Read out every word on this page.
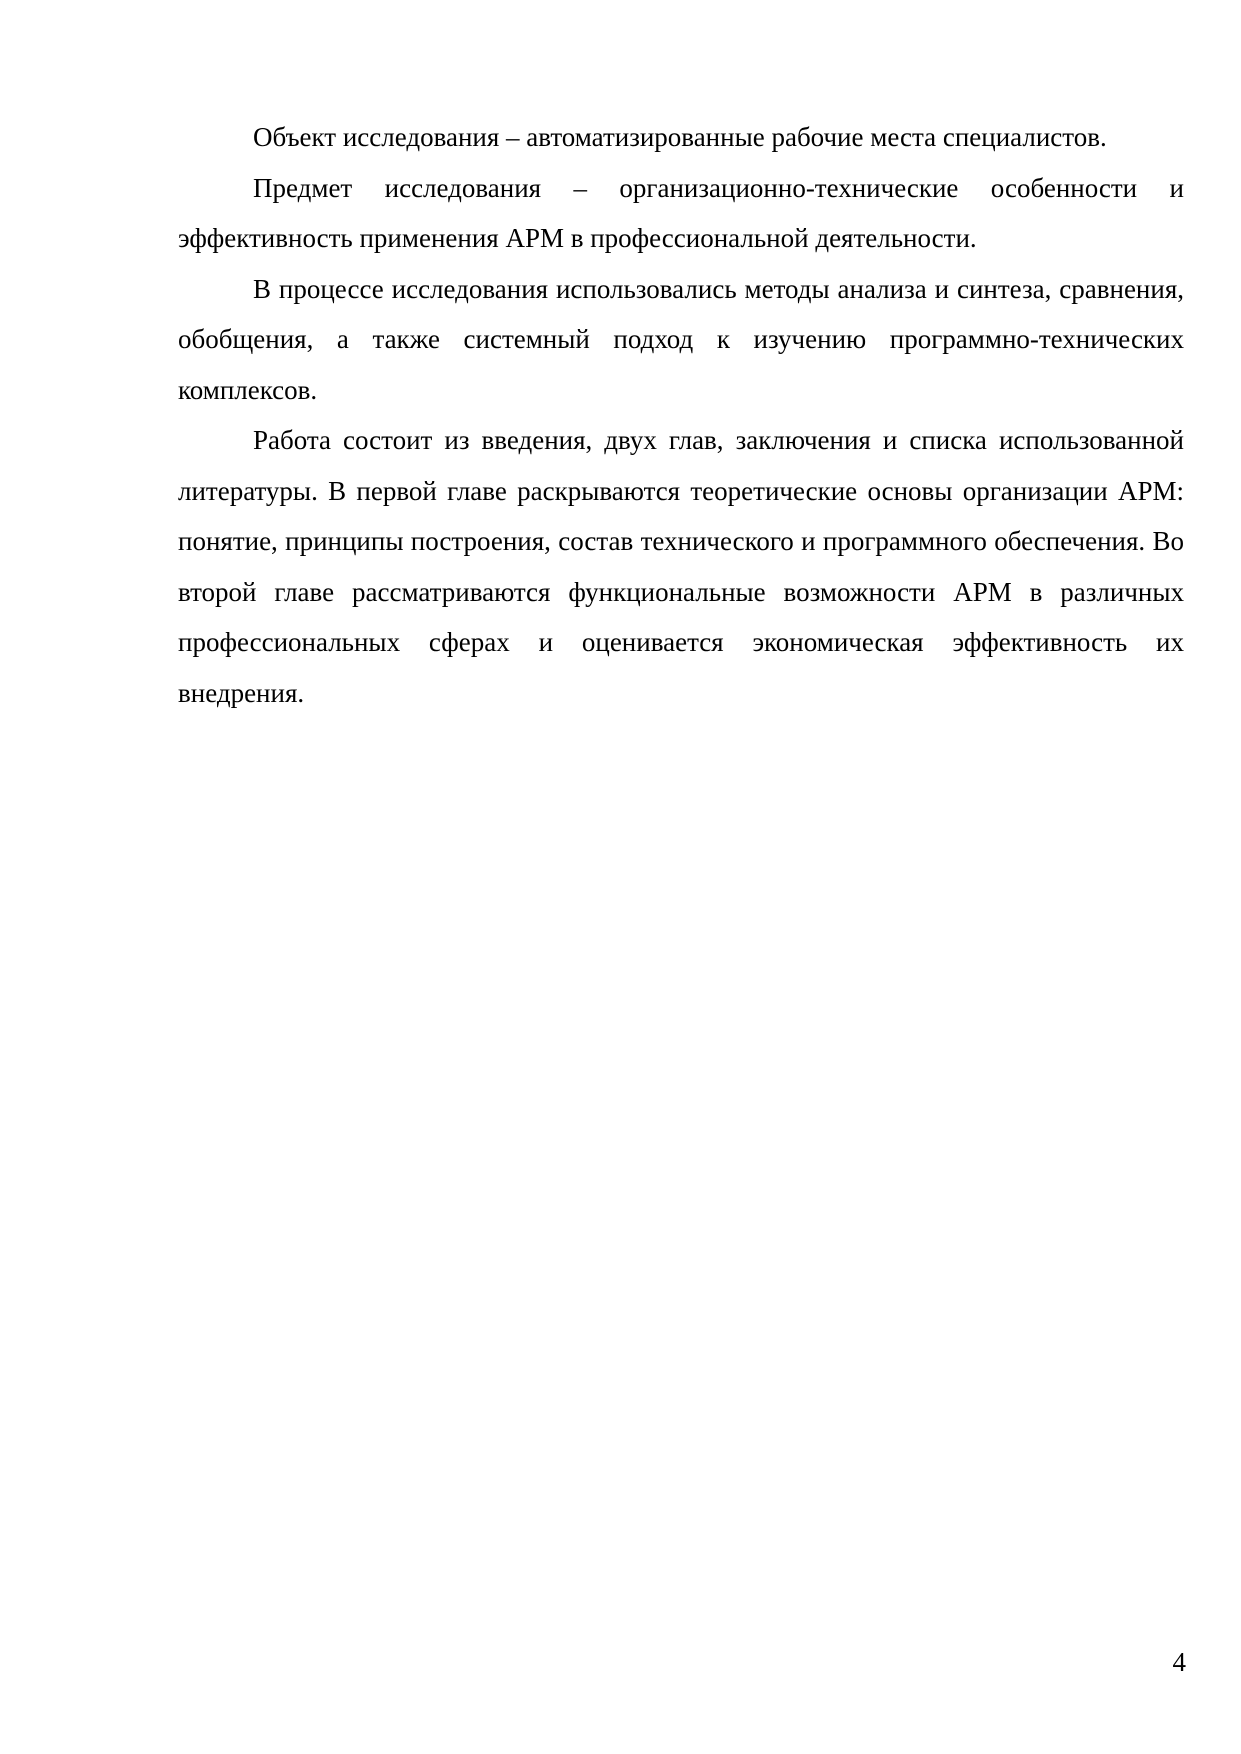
Объект исследования – автоматизированные рабочие места специалистов.

Предмет исследования – организационно-технические особенности и эффективность применения АРМ в профессиональной деятельности.

В процессе исследования использовались методы анализа и синтеза, сравнения, обобщения, а также системный подход к изучению программно-технических комплексов.

Работа состоит из введения, двух глав, заключения и списка использованной литературы. В первой главе раскрываются теоретические основы организации АРМ: понятие, принципы построения, состав технического и программного обеспечения. Во второй главе рассматриваются функциональные возможности АРМ в различных профессиональных сферах и оценивается экономическая эффективность их внедрения.

4
